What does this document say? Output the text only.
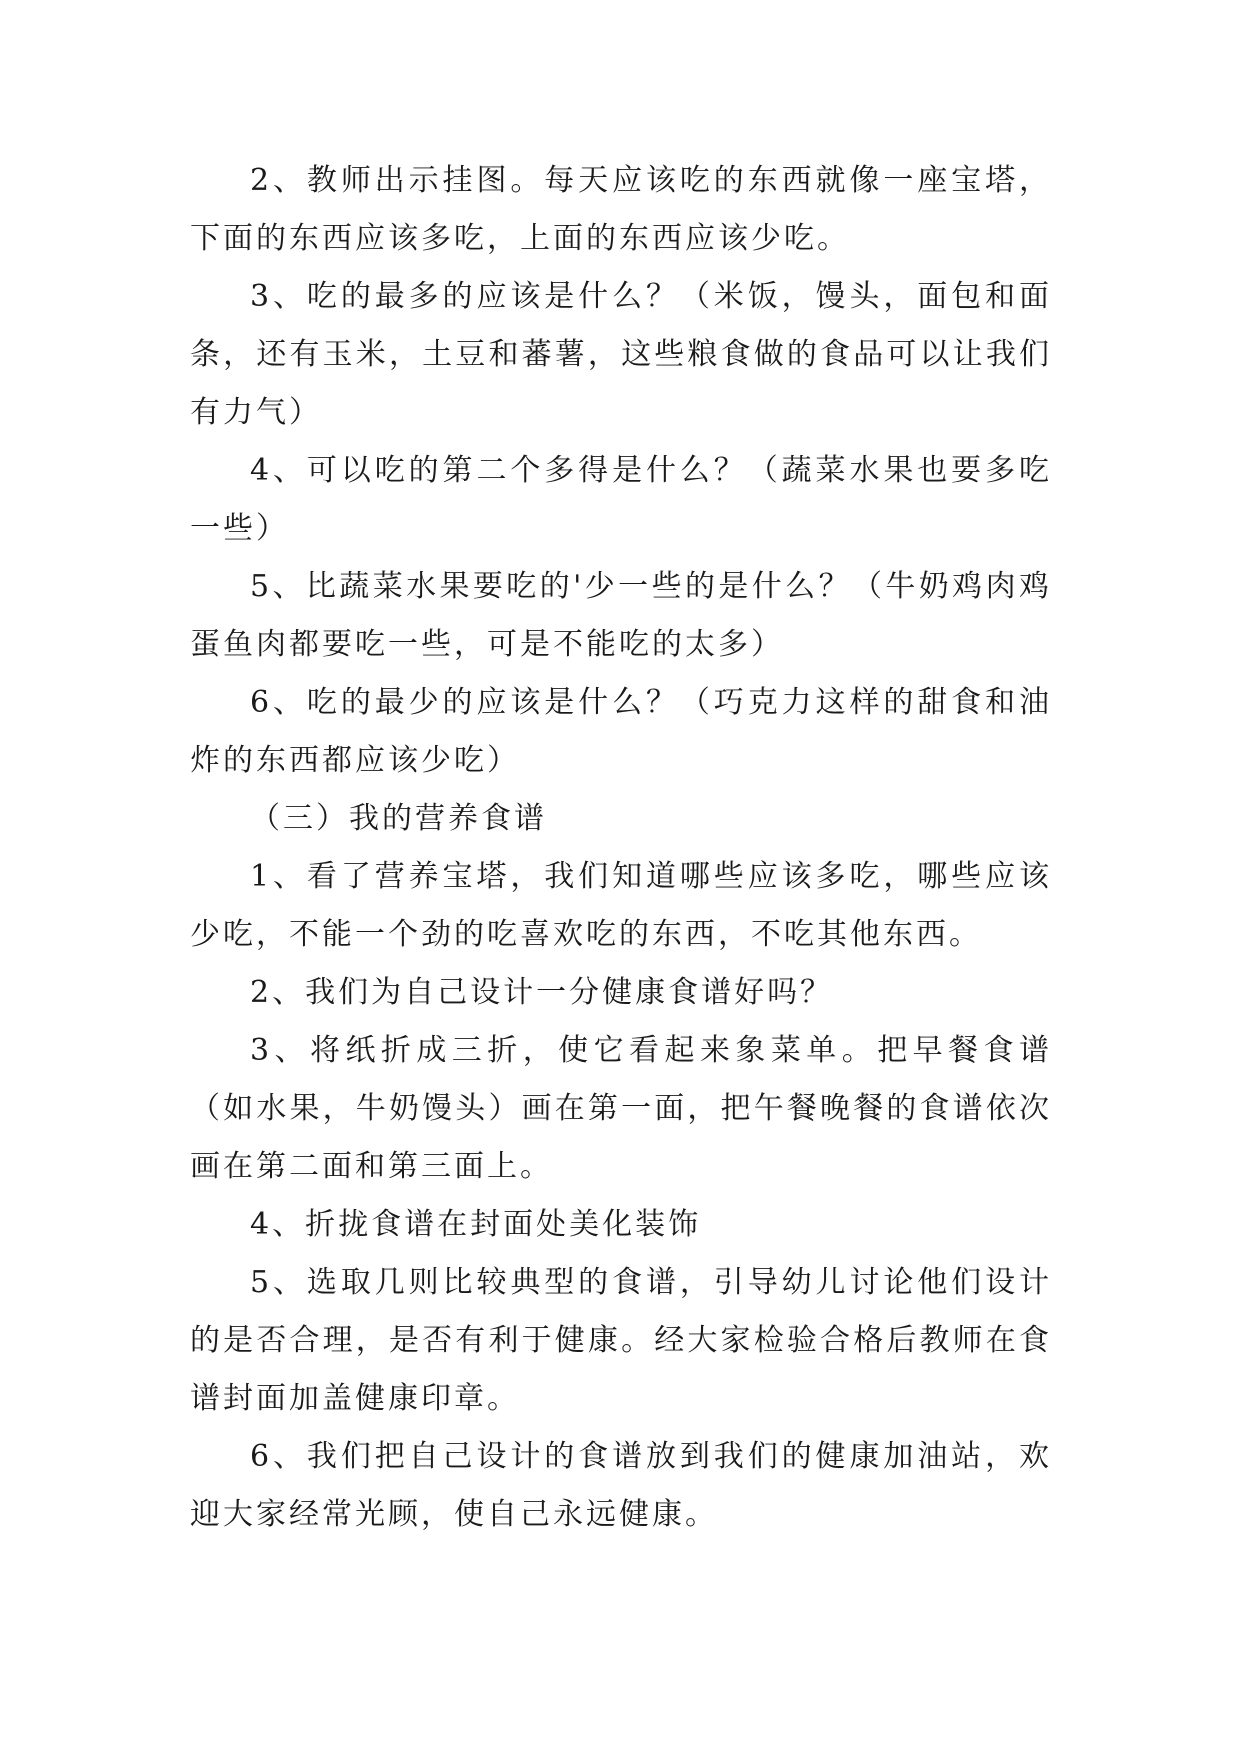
2、教师出示挂图。每天应该吃的东西就像一座宝塔，下面的东西应该多吃，上面的东西应该少吃。

3、吃的最多的应该是什么？（米饭，馒头，面包和面条，还有玉米，土豆和蕃薯，这些粮食做的食品可以让我们有力气）

4、可以吃的第二个多得是什么？（蔬菜水果也要多吃一些）

5、比蔬菜水果要吃的'少一些的是什么？（牛奶鸡肉鸡蛋鱼肉都要吃一些，可是不能吃的太多）

6、吃的最少的应该是什么？（巧克力这样的甜食和油炸的东西都应该少吃）

（三）我的营养食谱

1、看了营养宝塔，我们知道哪些应该多吃，哪些应该少吃，不能一个劲的吃喜欢吃的东西，不吃其他东西。

2、我们为自己设计一分健康食谱好吗？

3、将纸折成三折，使它看起来象菜单。把早餐食谱（如水果，牛奶馒头）画在第一面，把午餐晚餐的食谱依次画在第二面和第三面上。

4、折拢食谱在封面处美化装饰

5、选取几则比较典型的食谱，引导幼儿讨论他们设计的是否合理，是否有利于健康。经大家检验合格后教师在食谱封面加盖健康印章。

6、我们把自己设计的食谱放到我们的健康加油站，欢迎大家经常光顾，使自己永远健康。
